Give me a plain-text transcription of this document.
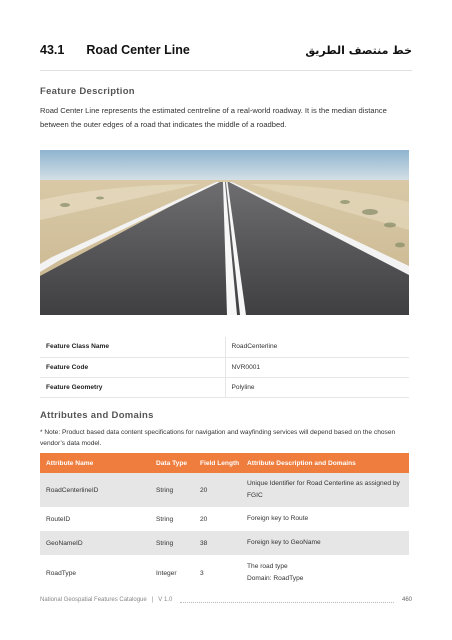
43.1 Road Center Line	خط منتصف الطريق
Feature Description
Road Center Line represents the estimated centreline of a real-world roadway. It is the median distance between the outer edges of a road that indicates the middle of a roadbed.
Feature Class Name	RoadCenterline
Feature Code	NVR0001
Feature Geometry	Polyline
Attributes and Domains
* Note: Product based data content specifications for navigation and wayfinding services will depend based on the chosen vendor’s data model.
Attribute Name	Data Type	Field Length	Attribute Description and Domains
RoadCenterlineID	String	20	Unique Identifier for Road Centerline as assigned by FGIC

RouteID	String	20	Foreign key to Route

GeoNameID	String	38	Foreign key to GeoName

RoadType	Integer	3	The road type
Domain: RoadType
National Geospatial Features Catalogue | V 1.0	460
